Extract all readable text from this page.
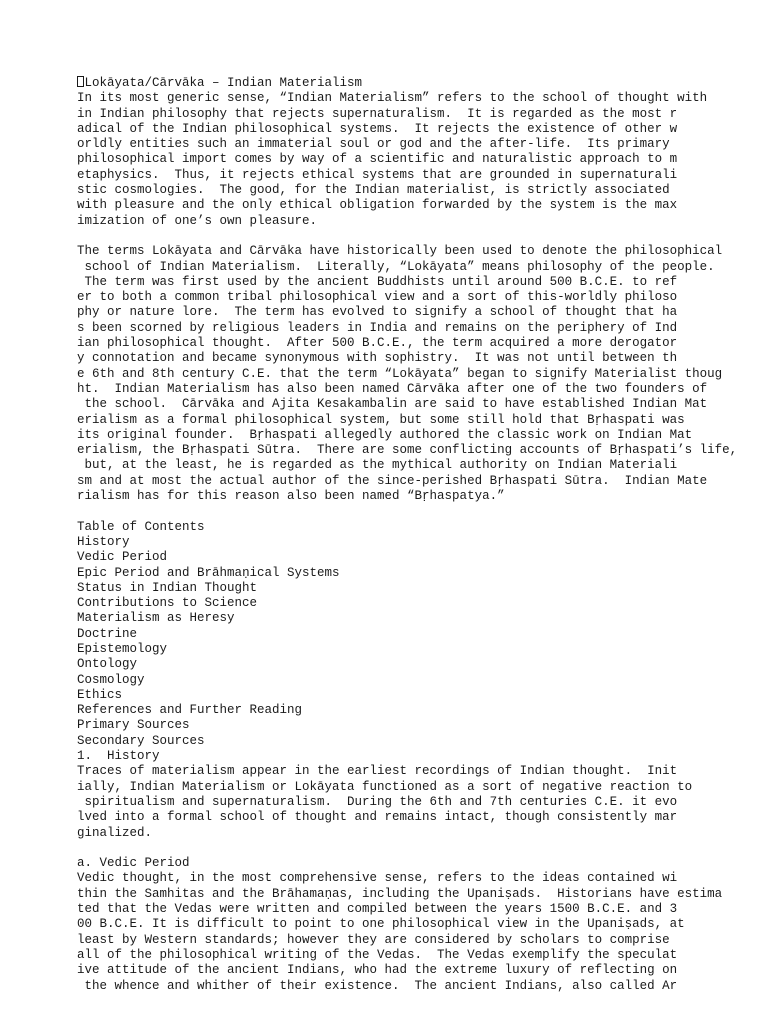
Lokāyata/Cārvāka – Indian Materialism
In its most generic sense, “Indian Materialism” refers to the school of thought with
in Indian philosophy that rejects supernaturalism.  It is regarded as the most r
adical of the Indian philosophical systems.  It rejects the existence of other w
orldly entities such an immaterial soul or god and the after-life.  Its primary
philosophical import comes by way of a scientific and naturalistic approach to m
etaphysics.  Thus, it rejects ethical systems that are grounded in supernaturali
stic cosmologies.  The good, for the Indian materialist, is strictly associated
with pleasure and the only ethical obligation forwarded by the system is the max
imization of one’s own pleasure.
The terms Lokāyata and Cārvāka have historically been used to denote the philosophical
school of Indian Materialism.  Literally, “Lokāyata” means philosophy of the people.
The term was first used by the ancient Buddhists until around 500 B.C.E. to ref
er to both a common tribal philosophical view and a sort of this-worldly philoso
phy or nature lore.  The term has evolved to signify a school of thought that ha
s been scorned by religious leaders in India and remains on the periphery of Ind
ian philosophical thought.  After 500 B.C.E., the term acquired a more derogator
y connotation and became synonymous with sophistry.  It was not until between th
e 6th and 8th century C.E. that the term “Lokāyata” began to signify Materialist thoug
ht.  Indian Materialism has also been named Cārvāka after one of the two founders of
the school.  Cārvāka and Ajita Kesakambalin are said to have established Indian Mat
erialism as a formal philosophical system, but some still hold that Bṛhaspati was
its original founder.  Bṛhaspati allegedly authored the classic work on Indian Mat
erialism, the Bṛhaspati Sūtra.  There are some conflicting accounts of Bṛhaspati’s life,
but, at the least, he is regarded as the mythical authority on Indian Materiali
sm and at most the actual author of the since-perished Bṛhaspati Sūtra.  Indian Mate
rialism has for this reason also been named “Bṛhaspatya.”
Table of Contents
History
Vedic Period
Epic Period and Brāhmaṇical Systems
Status in Indian Thought
Contributions to Science
Materialism as Heresy
Doctrine
Epistemology
Ontology
Cosmology
Ethics
References and Further Reading
Primary Sources
Secondary Sources
1.  History
Traces of materialism appear in the earliest recordings of Indian thought.  Init
ially, Indian Materialism or Lokāyata functioned as a sort of negative reaction to
spiritualism and supernaturalism.  During the 6th and 7th centuries C.E. it evo
lved into a formal school of thought and remains intact, though consistently mar
ginalized.
a. Vedic Period
Vedic thought, in the most comprehensive sense, refers to the ideas contained wi
thin the Samhitas and the Brāhamaṇas, including the Upaniṣads.  Historians have estima
ted that the Vedas were written and compiled between the years 1500 B.C.E. and 3
00 B.C.E. It is difficult to point to one philosophical view in the Upaniṣads, at
least by Western standards; however they are considered by scholars to comprise
all of the philosophical writing of the Vedas.  The Vedas exemplify the speculat
ive attitude of the ancient Indians, who had the extreme luxury of reflecting on
the whence and whither of their existence.  The ancient Indians, also called Ar
